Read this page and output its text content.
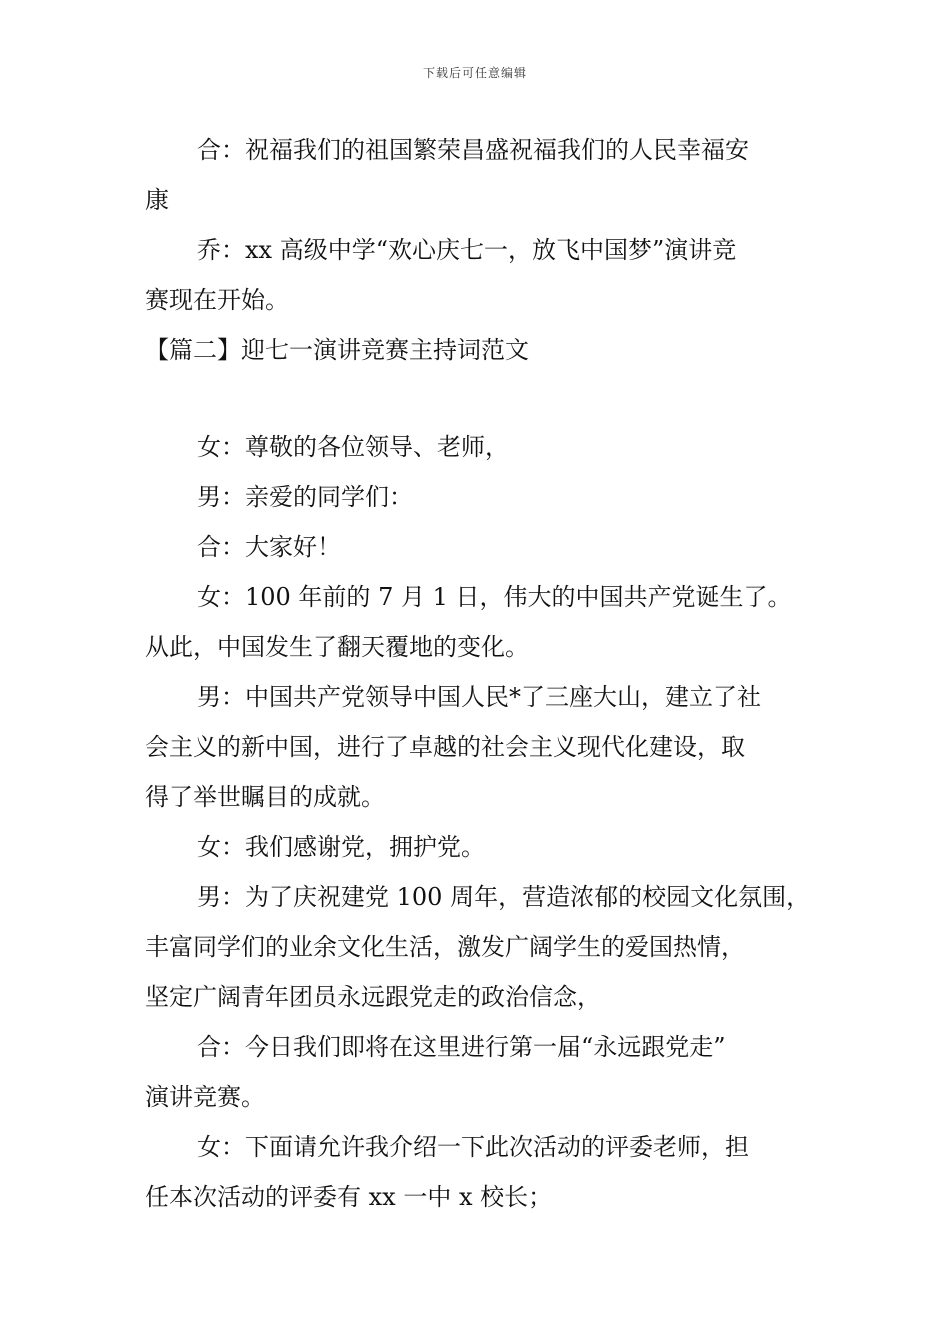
下载后可任意编辑
合：祝福我们的祖国繁荣昌盛祝福我们的人民幸福安
康
乔：xx 高级中学“欢心庆七一，放飞中国梦”演讲竞
赛现在开始。
【篇二】迎七一演讲竞赛主持词范文
女：尊敬的各位领导、老师，
男：亲爱的同学们：
合：大家好！
女：100 年前的 7 月 1 日，伟大的中国共产党诞生了。
从此，中国发生了翻天覆地的变化。
男：中国共产党领导中国人民*了三座大山，建立了社
会主义的新中国，进行了卓越的社会主义现代化建设，取
得了举世瞩目的成就。
女：我们感谢党，拥护党。
男：为了庆祝建党 100 周年，营造浓郁的校园文化氛围，
丰富同学们的业余文化生活，激发广阔学生的爱国热情，
坚定广阔青年团员永远跟党走的政治信念，
合：今日我们即将在这里进行第一届“永远跟党走”
演讲竞赛。
女：下面请允许我介绍一下此次活动的评委老师，担
任本次活动的评委有 xx 一中 x 校长；
